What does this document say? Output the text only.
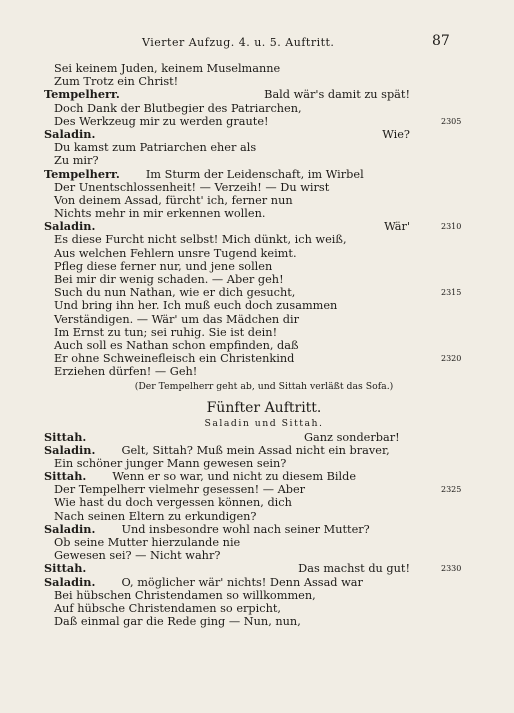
Vierter Aufzug. 4. u. 5. Auftritt.	87
Sei keinem Juden, keinem Muselmanne
Zum Trotz ein Christ!
Tempelherr.	Bald wär's damit zu spät!
Doch Dank der Blutbegier des Patriarchen,
Des Werkzeug mir zu werden graute!	2305
Saladin.	Wie?
Du kamst zum Patriarchen eher als
Zu mir?
Tempelherr. Im Sturm der Leidenschaft, im Wirbel
Der Unentschlossenheit! — Verzeih! — Du wirst
Von deinem Assad, fürcht' ich, ferner nun
Nichts mehr in mir erkennen wollen.
Saladin.	Wär'	2310
Es diese Furcht nicht selbst! Mich dünkt, ich weiß,
Aus welchen Fehlern unsre Tugend keimt.
Pfleg diese ferner nur, und jene sollen
Bei mir dir wenig schaden. — Aber geh!
Such du nun Nathan, wie er dich gesucht,	2315
Und bring ihn her. Ich muß euch doch zusammen
Verständigen. — Wär' um das Mädchen dir
Im Ernst zu tun; sei ruhig. Sie ist dein!
Auch soll es Nathan schon empfinden, daß
Er ohne Schweinefleisch ein Christenkind	2320
Erziehen dürfen! — Geh!
(Der Tempelherr geht ab, und Sittah verläßt das Sofa.)
Fünfter Auftritt.
Saladin und Sittah.
Sittah.	Ganz sonderbar!
Saladin. Gelt, Sittah? Muß mein Assad nicht ein braver,
Ein schöner junger Mann gewesen sein?
Sittah. Wenn er so war, und nicht zu diesem Bilde
Der Tempelherr vielmehr gesessen! — Aber	2325
Wie hast du doch vergessen können, dich
Nach seinen Eltern zu erkundigen?
Saladin. Und insbesondre wohl nach seiner Mutter?
Ob seine Mutter hierzulande nie
Gewesen sei? — Nicht wahr?
Sittah.	Das machst du gut!	2330
Saladin. O, möglicher wär' nichts! Denn Assad war
Bei hübschen Christendamen so willkommen,
Auf hübsche Christendamen so erpicht,
Daß einmal gar die Rede ging — Nun, nun,
